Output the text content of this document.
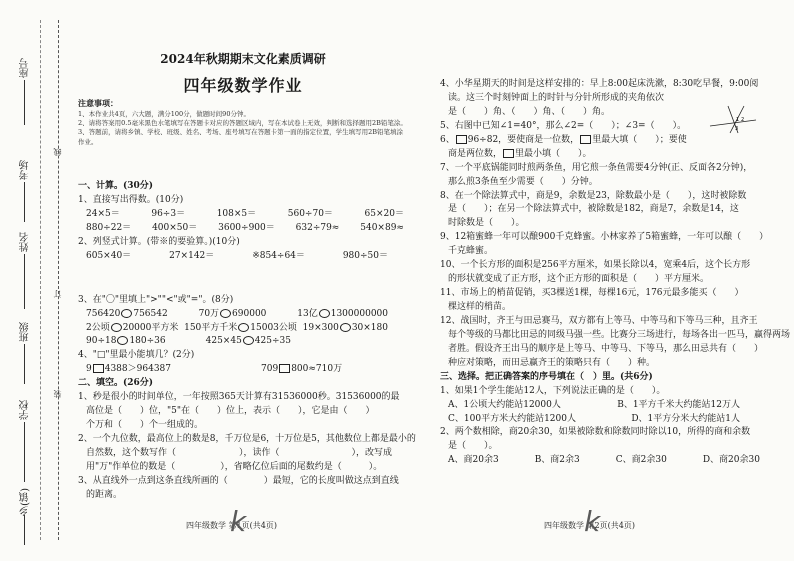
座号
考场
姓名
班级
学校
乡(镇)
线
订
装
2024年秋期期末文化素质调研
四年级数学作业
注意事项：
1、本作业共4页，六大题，满分100分，做题时间90分钟。
2、请将答案用0.5毫米黑色水笔填写在答题卡对应的答题区域内，写在本试卷上无效，判断和选择题用2B铅笔涂。
3、答题前，请将乡镇、学校、班级、姓名、考场、座号填写在答题卡第一面的指定位置，学生填写用2B铅笔填涂作业。
一、计算。(30分)
1、直接写出得数。(10分)
24×5＝	96÷3＝	108×5＝	560÷70＝	65×20＝
880÷22＝ 400×50＝ 3600÷900＝ 632÷79≈ 540×89≈
2、列竖式计算。(带※的要验算。)(10分)
605×40＝	27×142＝	※854÷64＝	980÷50＝
3、在"〇"里填上">""<"或"="。(8分)
756420 756542	70万 690000	13亿 1300000000
2公顷 20000平方米 150平方千米 15003公顷 19×300 30×180
90÷18 180÷36	425×45 425÷35
4、"□"里最小能填几？(2分)
9 4388＞964387	709 800≈710万
二、填空。(26分)
1、秒是很小的时间单位，一年按照365天计算有31536000秒。31536000的最
高位是（　　）位，"5"在（　　）位上，表示（　　），它是由（　　）
个万和（　　）个一组成的。
2、一个九位数，最高位上的数是8，千万位是6，十万位是5，其他数位上都是最小的
自然数，这个数写作（　　　　　　　），读作（　　　　　　　　），改写成
用"万"作单位的数是（　　　　　），省略亿位后面的尾数约是（　　　）。
3、从直线外一点到这条直线所画的（　　　　）最短，它的长度叫做这点到直线
的距离。
四年级数学 第1页(共4页)
k
4、小华星期天的时间是这样安排的：早上8:00起床洗漱，8:30吃早餐，9:00阅
读。这三个时刻钟面上的时针与分针所形成的夹角依次
是（　　）角、（　　）角、（　　）角。
5、右图中已知∠1=40°，那么∠2=（　　）；∠3=（　　）。
6、 96÷82，要使商是一位数， 里最大填（　　）；要使
商是两位数， 里最小填（　　）。
7、一个平底锅能同时煎两条鱼，用它煎一条鱼需要4分钟(正、反面各2分钟)，
那么煎3条鱼至少需要（　　）分钟。
8、在一个除法算式中，商是9，余数是23，除数最小是（　　），这时被除数
是（　　）；在另一个除法算式中，被除数是182，商是7，余数是14，这
时除数是（　　）。
9、12箱蜜蜂一年可以酿900千克蜂蜜。小林家养了5箱蜜蜂，一年可以酿（　　）
千克蜂蜜。
10、一个长方形的面积是256平方厘米，如果长除以4，宽乘4后，这个长方形
的形状就变成了正方形，这个正方形的面积是（　　）平方厘米。
11、市场上的梢苗促销，买3棵送1棵，每棵16元，176元最多能买（　　）
棵这样的梢苗。
12、战国时，齐王与田忌赛马，双方都有上等马、中等马和下等马三种，且齐王
每个等级的马都比田忌的同级马强一些。比赛分三场进行，每场各出一匹马，赢得两场
者胜。假设齐王出马的顺序是上等马、中等马、下等马，那么田忌共有（　　）
种应对策略，而田忌赢齐王的策略只有（　　）种。
三、选择。把正确答案的序号填在（　）里。(共6分)
1、如果1个学生能站12人，下列说法正确的是（　　）。
A、1公顷大约能站12000人	B、1平方千米大约能站12万人
C、100平方米大约能站1200人	D、1平方分米大约能站1人
2、两个数相除，商20余30，如果被除数和除数同时除以10，所得的商和余数
是（　　）。
A、商20余3	B、商2余3	C、商2余30	D、商20余30
1 2
3
四年级数学 第2页(共4页)
k
